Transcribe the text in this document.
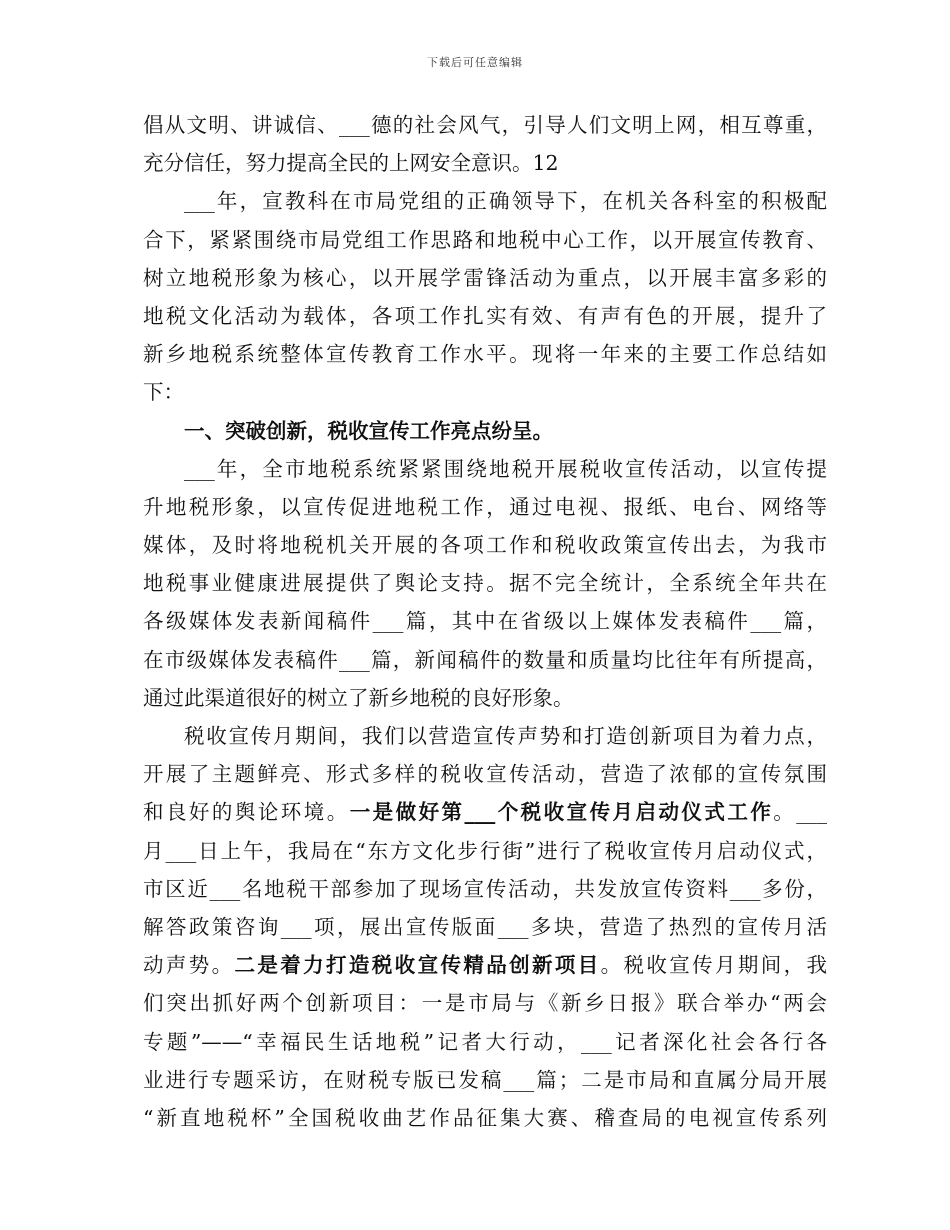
下载后可任意编辑
倡从文明、讲诚信、___德的社会风气，引导人们文明上网，相互尊重，
充分信任，努力提高全民的上网安全意识。12
___年，宣教科在市局党组的正确领导下，在机关各科室的积极配
合下，紧紧围绕市局党组工作思路和地税中心工作，以开展宣传教育、
树立地税形象为核心，以开展学雷锋活动为重点，以开展丰富多彩的
地税文化活动为载体，各项工作扎实有效、有声有色的开展，提升了
新乡地税系统整体宣传教育工作水平。现将一年来的主要工作总结如
下：
一、突破创新，税收宣传工作亮点纷呈。
___年，全市地税系统紧紧围绕地税开展税收宣传活动，以宣传提
升地税形象，以宣传促进地税工作，通过电视、报纸、电台、网络等
媒体，及时将地税机关开展的各项工作和税收政策宣传出去，为我市
地税事业健康进展提供了舆论支持。据不完全统计，全系统全年共在
各级媒体发表新闻稿件___篇，其中在省级以上媒体发表稿件___篇，
在市级媒体发表稿件___篇，新闻稿件的数量和质量均比往年有所提高，
通过此渠道很好的树立了新乡地税的良好形象。
税收宣传月期间，我们以营造宣传声势和打造创新项目为着力点，
开展了主题鲜亮、形式多样的税收宣传活动，营造了浓郁的宣传氛围
和良好的舆论环境。一是做好第___个税收宣传月启动仪式工作。___
月___日上午，我局在“东方文化步行街”进行了税收宣传月启动仪式，
市区近___名地税干部参加了现场宣传活动，共发放宣传资料___多份，
解答政策咨询___项，展出宣传版面___多块，营造了热烈的宣传月活
动声势。二是着力打造税收宣传精品创新项目。税收宣传月期间，我
们突出抓好两个创新项目：一是市局与《新乡日报》联合举办“两会
专题”——“幸福民生话地税”记者大行动，___记者深化社会各行各
业进行专题采访，在财税专版已发稿___篇；二是市局和直属分局开展
“新直地税杯”全国税收曲艺作品征集大赛、稽查局的电视宣传系列
